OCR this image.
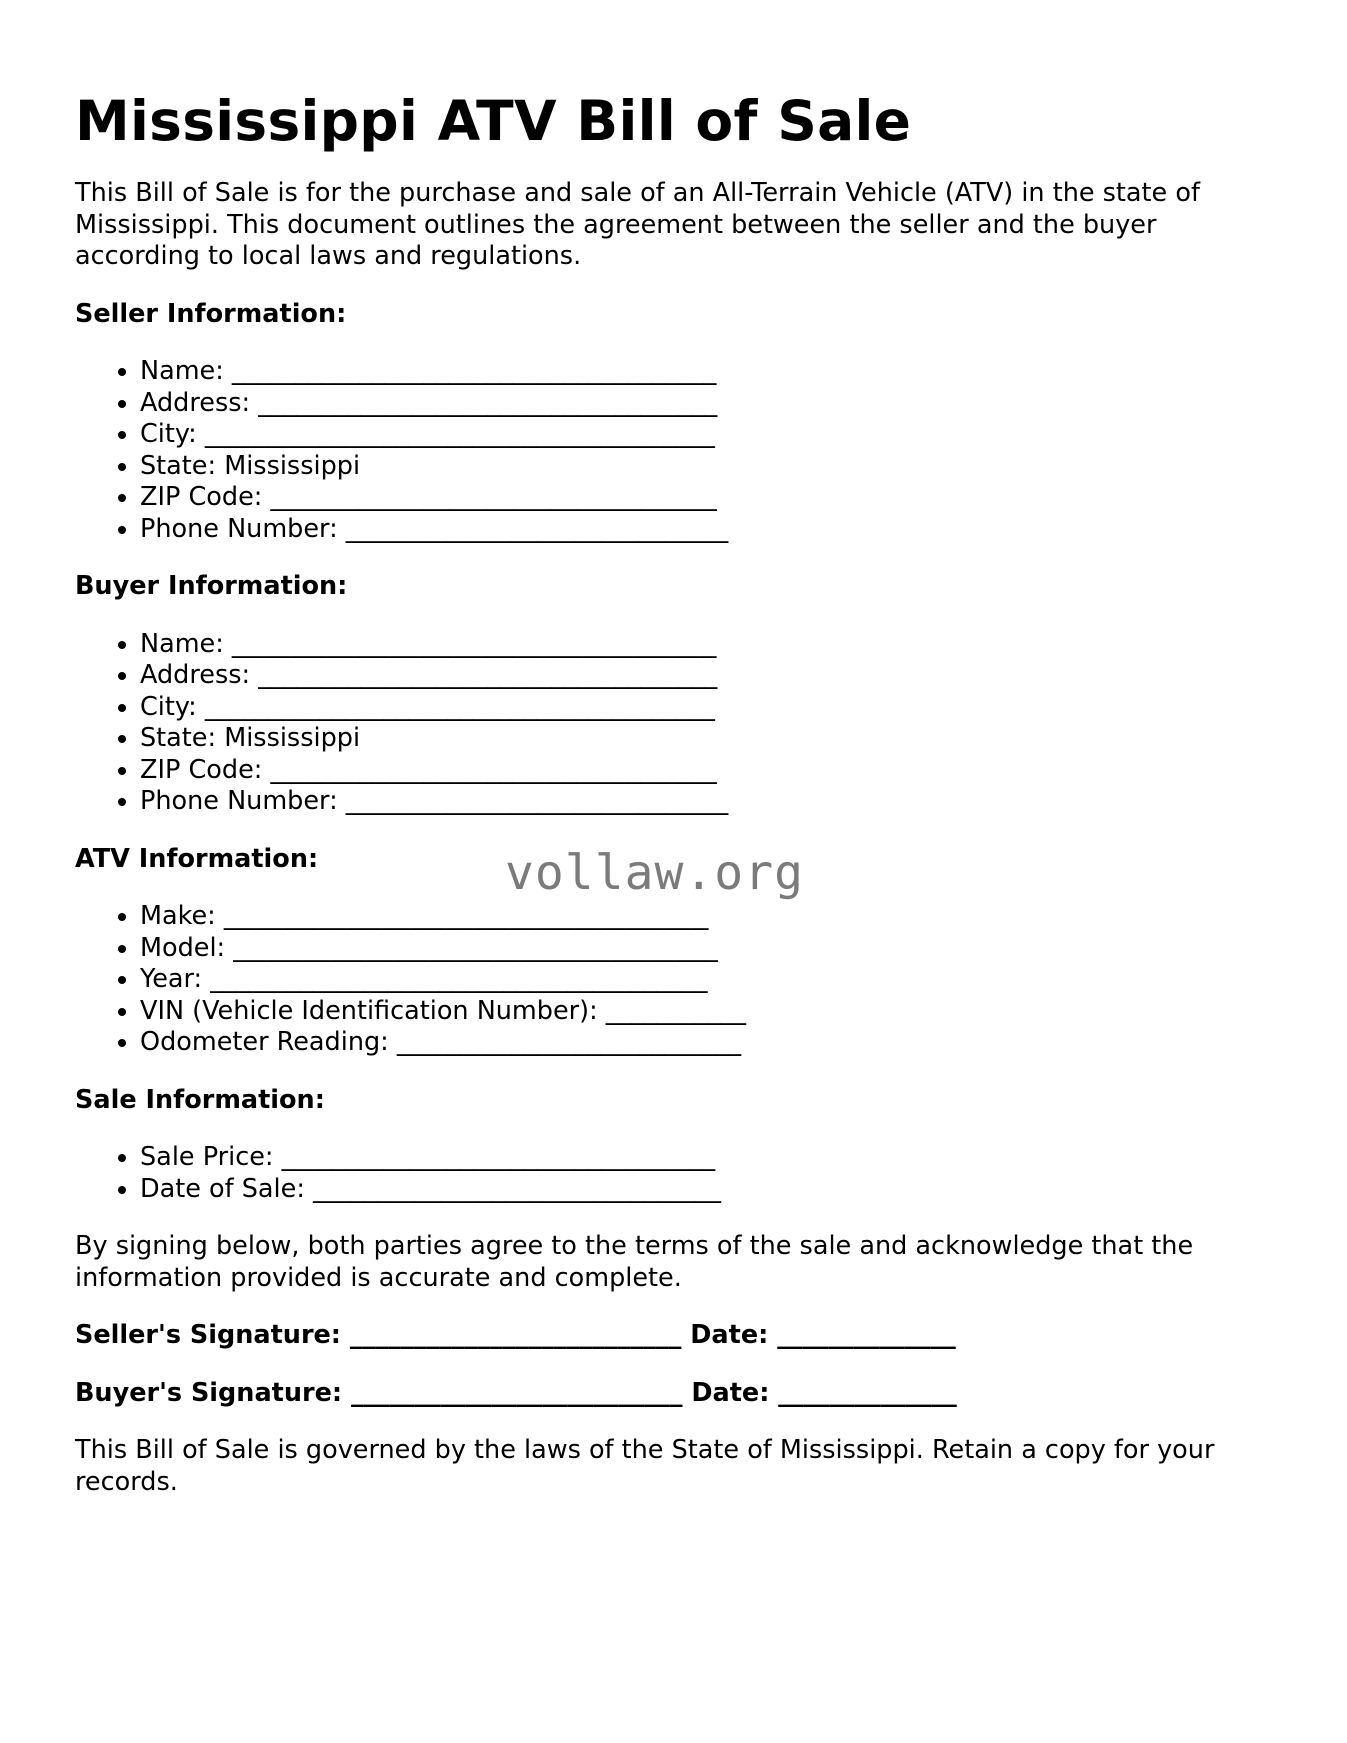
Mississippi ATV Bill of Sale

This Bill of Sale is for the purchase and sale of an All-Terrain Vehicle (ATV) in the state of Mississippi. This document outlines the agreement between the seller and the buyer according to local laws and regulations.

Seller Information:
• Name: ______________________________________
• Address: ____________________________________
• City: ________________________________________
• State: Mississippi
• ZIP Code: ___________________________________
• Phone Number: ______________________________
Buyer Information:
• Name: ______________________________________
• Address: ____________________________________
• City: ________________________________________
• State: Mississippi
• ZIP Code: ___________________________________
• Phone Number: ______________________________
ATV Information:
• Make: ______________________________________
• Model: ______________________________________
• Year: _______________________________________
• VIN (Vehicle Identification Number): ___________
• Odometer Reading: ___________________________
Sale Information:
• Sale Price: __________________________________
• Date of Sale: ________________________________

By signing below, both parties agree to the terms of the sale and acknowledge that the information provided is accurate and complete.

Seller's Signature: __________________________ Date: ______________
Buyer's Signature: __________________________ Date: ______________

This Bill of Sale is governed by the laws of the State of Mississippi. Retain a copy for your records.

vollaw.org
